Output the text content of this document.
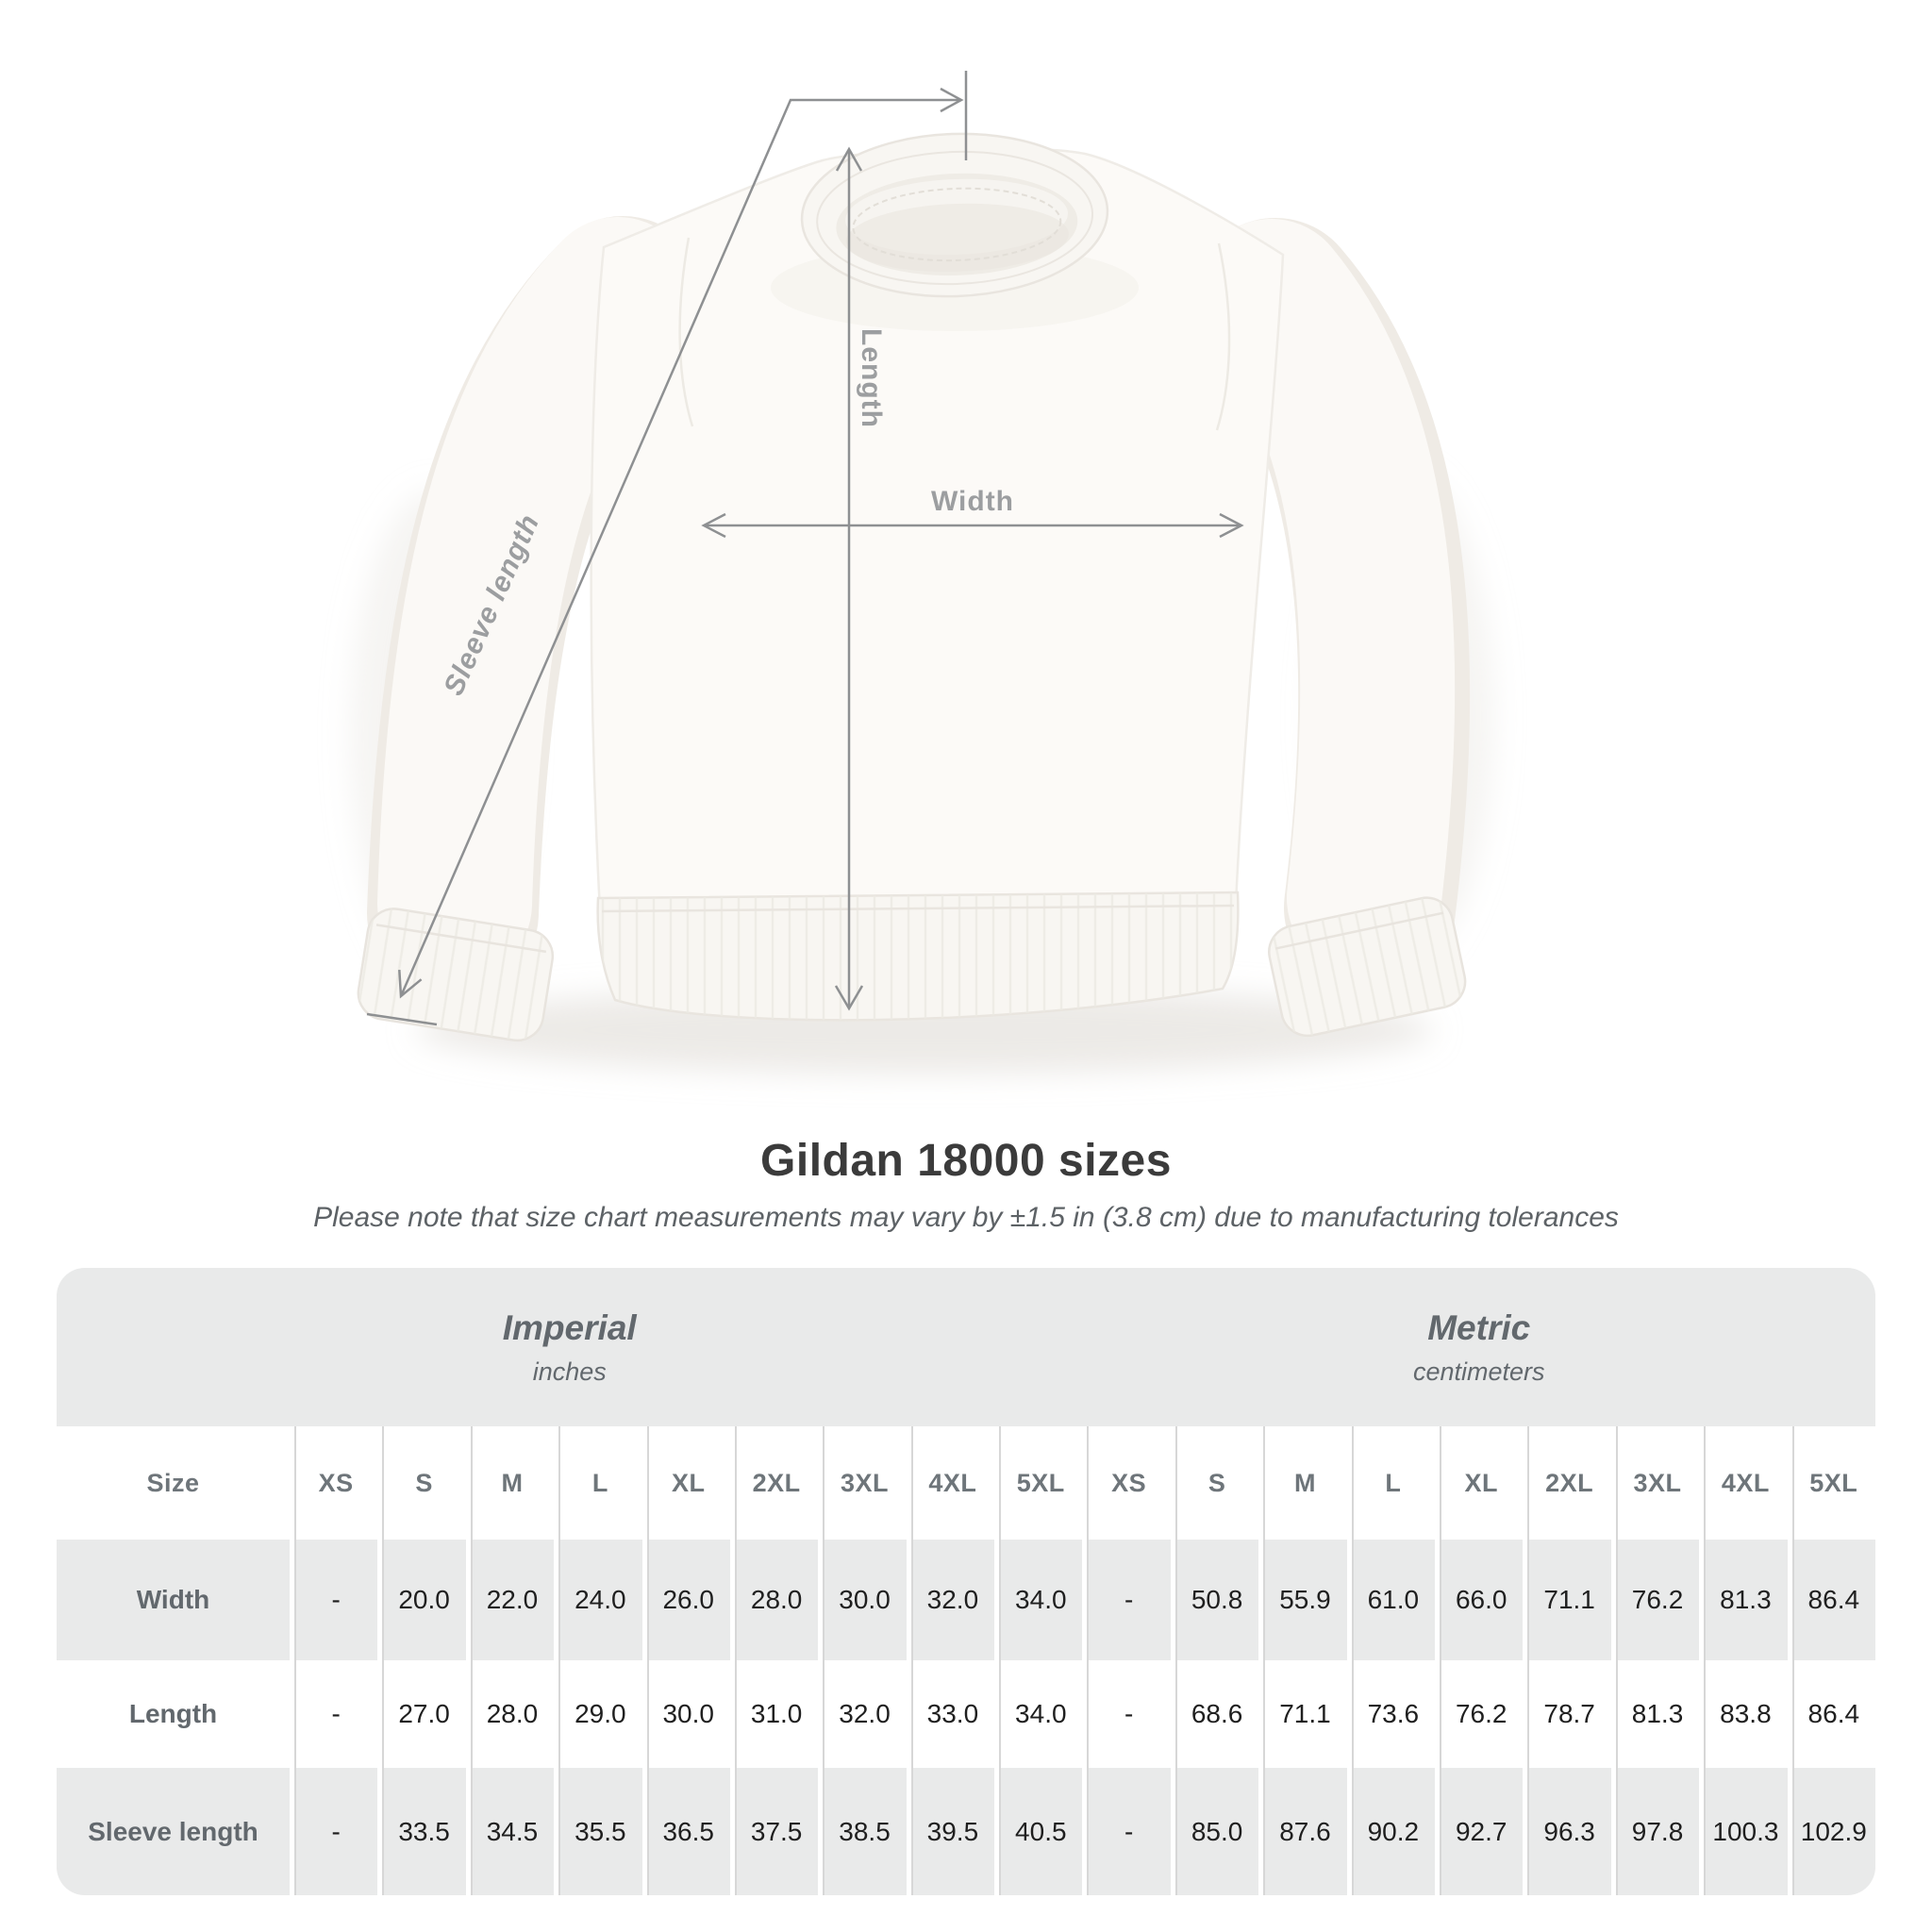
Width
Length
Sleeve length
Gildan 18000 sizes

Please note that size chart measurements may vary by ±1.5 in (3.8 cm) due to manufacturing tolerances

Imperial
inches
Metric
centimeters
Size	XS	S	M	L	XL	2XL	3XL	4XL	5XL	XS	S	M	L	XL	2XL	3XL	4XL	5XL
Width	-	20.0	22.0	24.0	26.0	28.0	30.0	32.0	34.0	-	50.8	55.9	61.0	66.0	71.1	76.2	81.3	86.4
Length	-	27.0	28.0	29.0	30.0	31.0	32.0	33.0	34.0	-	68.6	71.1	73.6	76.2	78.7	81.3	83.8	86.4
Sleeve length	-	33.5	34.5	35.5	36.5	37.5	38.5	39.5	40.5	-	85.0	87.6	90.2	92.7	96.3	97.8	100.3 102.9
